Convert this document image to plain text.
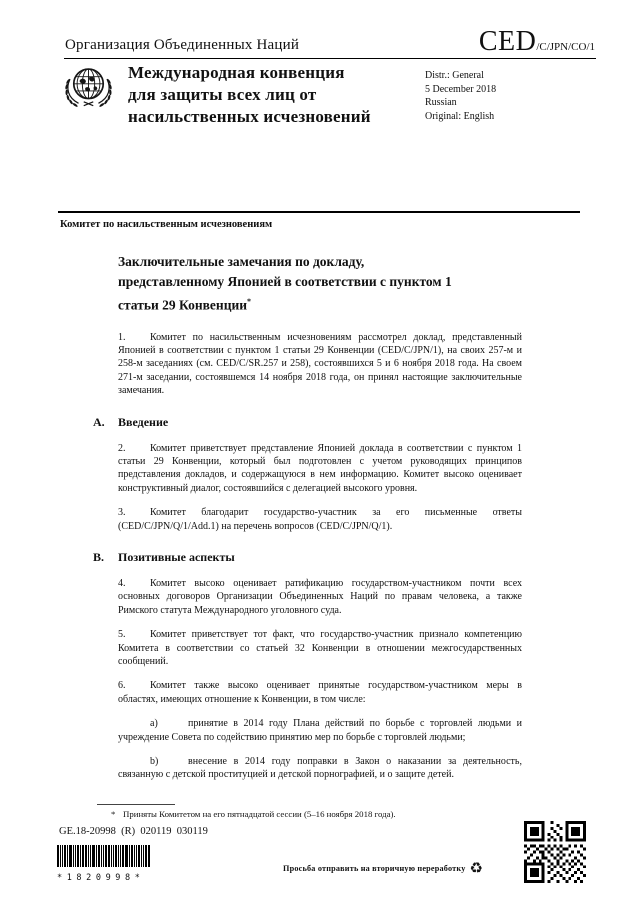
Организация Объединенных Наций	CED/C/JPN/CO/1
Международная конвенция
для защиты всех лиц от
насильственных исчезновений
Distr.: General
5 December 2018
Russian
Original: English
Комитет по насильственным исчезновениям
Заключительные замечания по докладу,
представленному Японией в соответствии с пунктом 1
статьи 29 Конвенции*

1. Комитет по насильственным исчезновениям рассмотрел доклад, представленный Японией в соответствии с пунктом 1 статьи 29 Конвенции (CED/C/JPN/1), на своих 257-м и 258-м заседаниях (см. CED/C/SR.257 и 258), состоявшихся 5 и 6 ноября 2018 года. На своем 271-м заседании, состоявшемся 14 ноября 2018 года, он принял настоящие заключительные замечания.

A. Введение

2. Комитет приветствует представление Японией доклада в соответствии с пунктом 1 статьи 29 Конвенции, который был подготовлен с учетом руководящих принципов представления докладов, и содержащуюся в нем информацию. Комитет высоко оценивает конструктивный диалог, состоявшийся с делегацией высокого уровня.

3. Комитет благодарит государство-участник за его письменные ответы (CED/C/JPN/Q/1/Add.1) на перечень вопросов (CED/C/JPN/Q/1).

B. Позитивные аспекты

4. Комитет высоко оценивает ратификацию государством-участником почти всех основных договоров Организации Объединенных Наций по правам человека, а также Римского статута Международного уголовного суда.

5. Комитет приветствует тот факт, что государство-участник признало компетенцию Комитета в соответствии со статьей 32 Конвенции в отношении межгосударственных сообщений.

6. Комитет также высоко оценивает принятые государством-участником меры в областях, имеющих отношение к Конвенции, в том числе:

a)	принятие в 2014 году Плана действий по борьбе с торговлей людьми и учреждение Совета по содействию принятию мер по борьбе с торговлей людьми;

b)	внесение в 2014 году поправки в Закон о наказании за деятельность, связанную с детской проституцией и детской порнографией, и о защите детей.

* Приняты Комитетом на его пятнадцатой сессии (5–16 ноября 2018 года).
GE.18-20998  (R)  020119  030119
*1820998*
Просьба отправить на вторичную переработку ♻
